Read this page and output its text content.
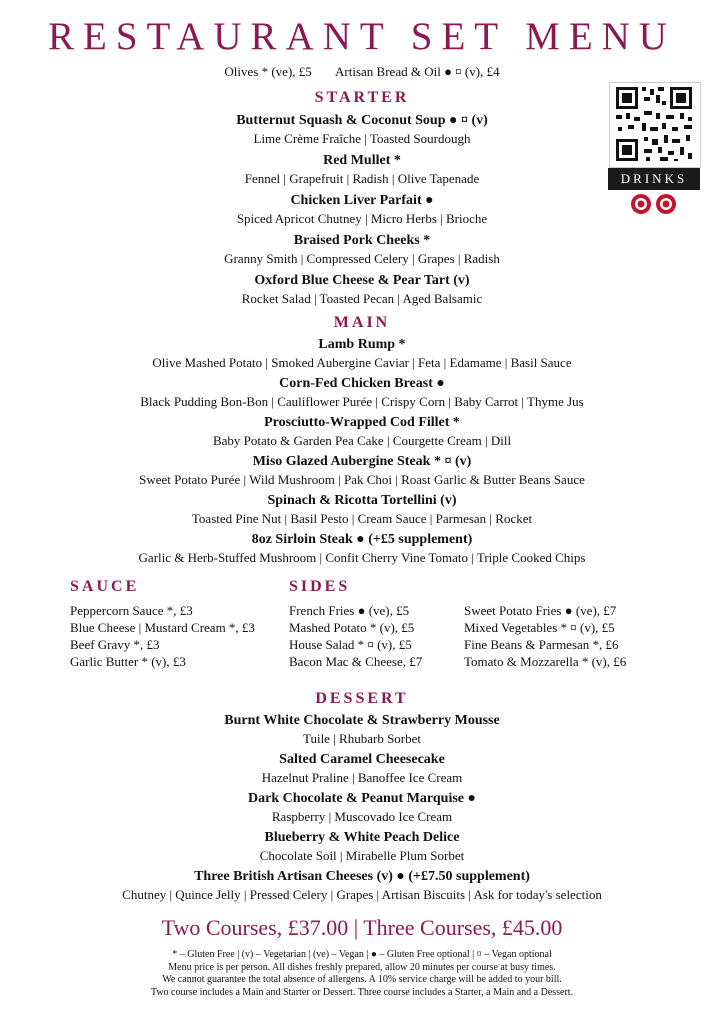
RESTAURANT SET MENU
Olives * (ve), £5 Artisan Bread & Oil ● ¤ (v), £4
DRINKS
STARTER
Butternut Squash & Coconut Soup ● ¤ (v)
Lime Crème Fraîche | Toasted Sourdough
Red Mullet *
Fennel | Grapefruit | Radish | Olive Tapenade
Chicken Liver Parfait ●
Spiced Apricot Chutney | Micro Herbs | Brioche
Braised Pork Cheeks *
Granny Smith | Compressed Celery | Grapes | Radish
Oxford Blue Cheese & Pear Tart (v)
Rocket Salad | Toasted Pecan | Aged Balsamic
MAIN
Lamb Rump *
Olive Mashed Potato | Smoked Aubergine Caviar | Feta | Edamame | Basil Sauce
Corn-Fed Chicken Breast ●
Black Pudding Bon-Bon | Cauliflower Purée | Crispy Corn | Baby Carrot | Thyme Jus
Prosciutto-Wrapped Cod Fillet *
Baby Potato & Garden Pea Cake | Courgette Cream | Dill
Miso Glazed Aubergine Steak * ¤ (v)
Sweet Potato Purée | Wild Mushroom | Pak Choi | Roast Garlic & Butter Beans Sauce
Spinach & Ricotta Tortellini (v)
Toasted Pine Nut | Basil Pesto | Cream Sauce | Parmesan | Rocket
8oz Sirloin Steak ● (+£5 supplement)
Garlic & Herb-Stuffed Mushroom | Confit Cherry Vine Tomato | Triple Cooked Chips
SAUCE
Peppercorn Sauce *, £3
Blue Cheese | Mustard Cream *, £3
Beef Gravy *, £3
Garlic Butter * (v), £3
SIDES
French Fries ● (ve), £5
Mashed Potato * (v), £5
House Salad * ¤ (v), £5
Bacon Mac & Cheese, £7
Sweet Potato Fries ● (ve), £7
Mixed Vegetables * ¤ (v), £5
Fine Beans & Parmesan *, £6
Tomato & Mozzarella * (v), £6
DESSERT
Burnt White Chocolate & Strawberry Mousse
Tuile | Rhubarb Sorbet
Salted Caramel Cheesecake
Hazelnut Praline | Banoffee Ice Cream
Dark Chocolate & Peanut Marquise ●
Raspberry | Muscovado Ice Cream
Blueberry & White Peach Delice
Chocolate Soil | Mirabelle Plum Sorbet
Three British Artisan Cheeses (v) ● (+£7.50 supplement)
Chutney | Quince Jelly | Pressed Celery | Grapes | Artisan Biscuits | Ask for today's selection
Two Courses, £37.00 | Three Courses, £45.00
* – Gluten Free | (v) – Vegetarian | (ve) – Vegan | ● – Gluten Free optional | ¤ – Vegan optional
Menu price is per person. All dishes freshly prepared, allow 20 minutes per course at busy times.
We cannot guarantee the total absence of allergens. A 10% service charge will be added to your bill.
Two course includes a Main and Starter or Dessert. Three course includes a Starter, a Main and a Dessert.
